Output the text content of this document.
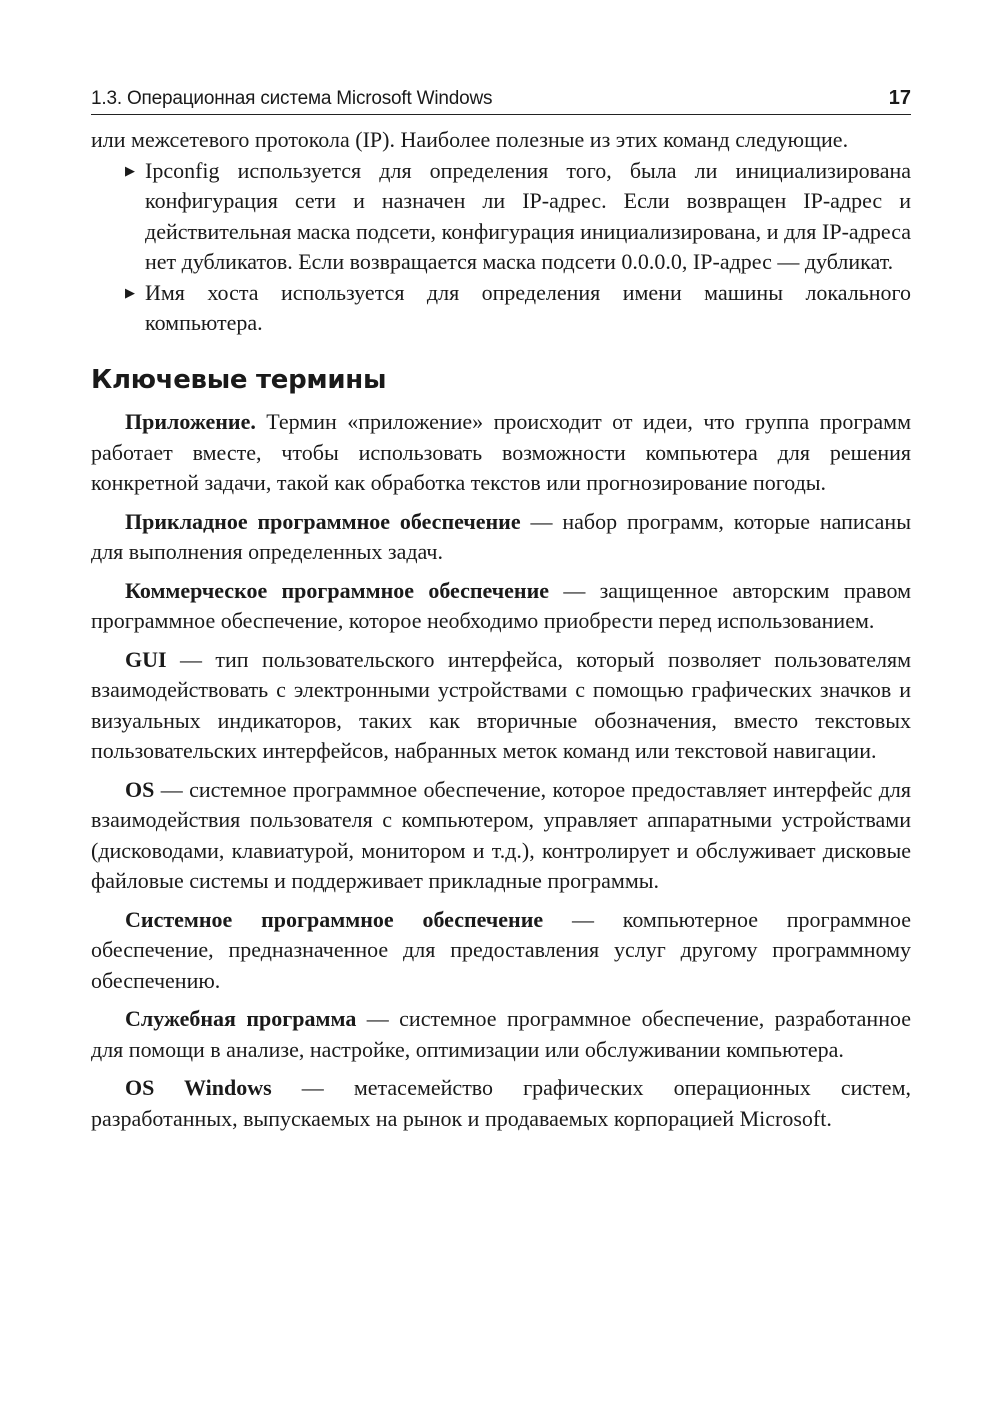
1.3. Операционная система Microsoft Windows	17

или межсетевого протокола (IP). Наиболее полезные из этих команд следующие.

▶ Ipconfig используется для определения того, была ли инициализирована конфигурация сети и назначен ли IP-адрес. Если возвращен IP-адрес и действительная маска подсети, конфигурация инициализирована, и для IP-адреса нет дубликатов. Если возвращается маска подсети 0.0.0.0, IP-адрес — дубликат.
▶ Имя хоста используется для определения имени машины локального компьютера.
Ключевые термины

Приложение. Термин «приложение» происходит от идеи, что группа программ работает вместе, чтобы использовать возможности компьютера для решения конкретной задачи, такой как обработка текстов или прогнозирование погоды.

Прикладное программное обеспечение — набор программ, которые написаны для выполнения определенных задач.

Коммерческое программное обеспечение — защищенное авторским правом программное обеспечение, которое необходимо приобрести перед использованием.

GUI — тип пользовательского интерфейса, который позволяет пользователям взаимодействовать с электронными устройствами с помощью графических значков и визуальных индикаторов, таких как вторичные обозначения, вместо текстовых пользовательских интерфейсов, набранных меток команд или текстовой навигации.

OS — системное программное обеспечение, которое предоставляет интерфейс для взаимодействия пользователя с компьютером, управляет аппаратными устройствами (дисководами, клавиатурой, монитором и т.д.), контролирует и обслуживает дисковые файловые системы и поддерживает прикладные программы.

Системное программное обеспечение — компьютерное программное обеспечение, предназначенное для предоставления услуг другому программному обеспечению.

Служебная программа — системное программное обеспечение, разработанное для помощи в анализе, настройке, оптимизации или обслуживании компьютера.

OS Windows — метасемейство графических операционных систем, разработанных, выпускаемых на рынок и продаваемых корпорацией Microsoft.
